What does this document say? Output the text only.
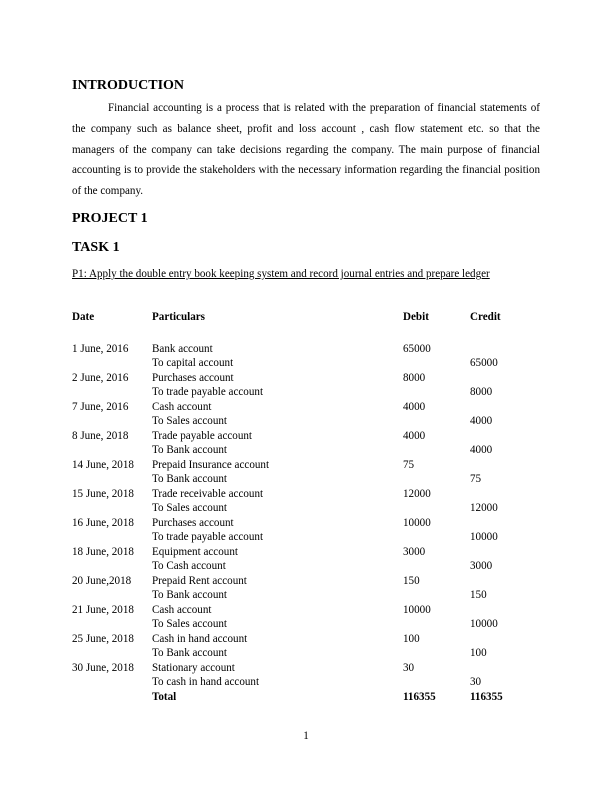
INTRODUCTION

Financial accounting is a process that is related with the preparation of financial statements of the company such as balance sheet, profit and loss account , cash flow statement etc. so that the managers of the company can take decisions regarding the company. The main purpose of financial accounting is to provide the stakeholders with the necessary information regarding the financial position of the company.

PROJECT 1
TASK 1
P1: Apply the double entry book keeping system and record journal entries and prepare ledger
Date	Particulars	Debit	Credit

1 June, 2016	Bank account	65000	
	To capital account		65000
2 June, 2016	Purchases account	8000	
	To trade payable account		8000
7 June, 2016	Cash account	4000	
	To Sales account		4000
8 June, 2018	Trade payable account	4000	
	To Bank account		4000
14 June, 2018	Prepaid Insurance account	75	
	To Bank account		75
15 June, 2018	Trade receivable account	12000	
	To Sales account		12000
16 June, 2018	Purchases account	10000	
	To trade payable account		10000
18 June, 2018	Equipment account	3000	
	To Cash account		3000
20 June,2018	Prepaid Rent account	150	
	To Bank account		150
21 June, 2018	Cash account	10000	
	To Sales account		10000
25 June, 2018	Cash in hand account	100	
	To Bank account		100
30 June, 2018	Stationary account	30	
	To cash in hand account		30
	Total	116355	116355
1
